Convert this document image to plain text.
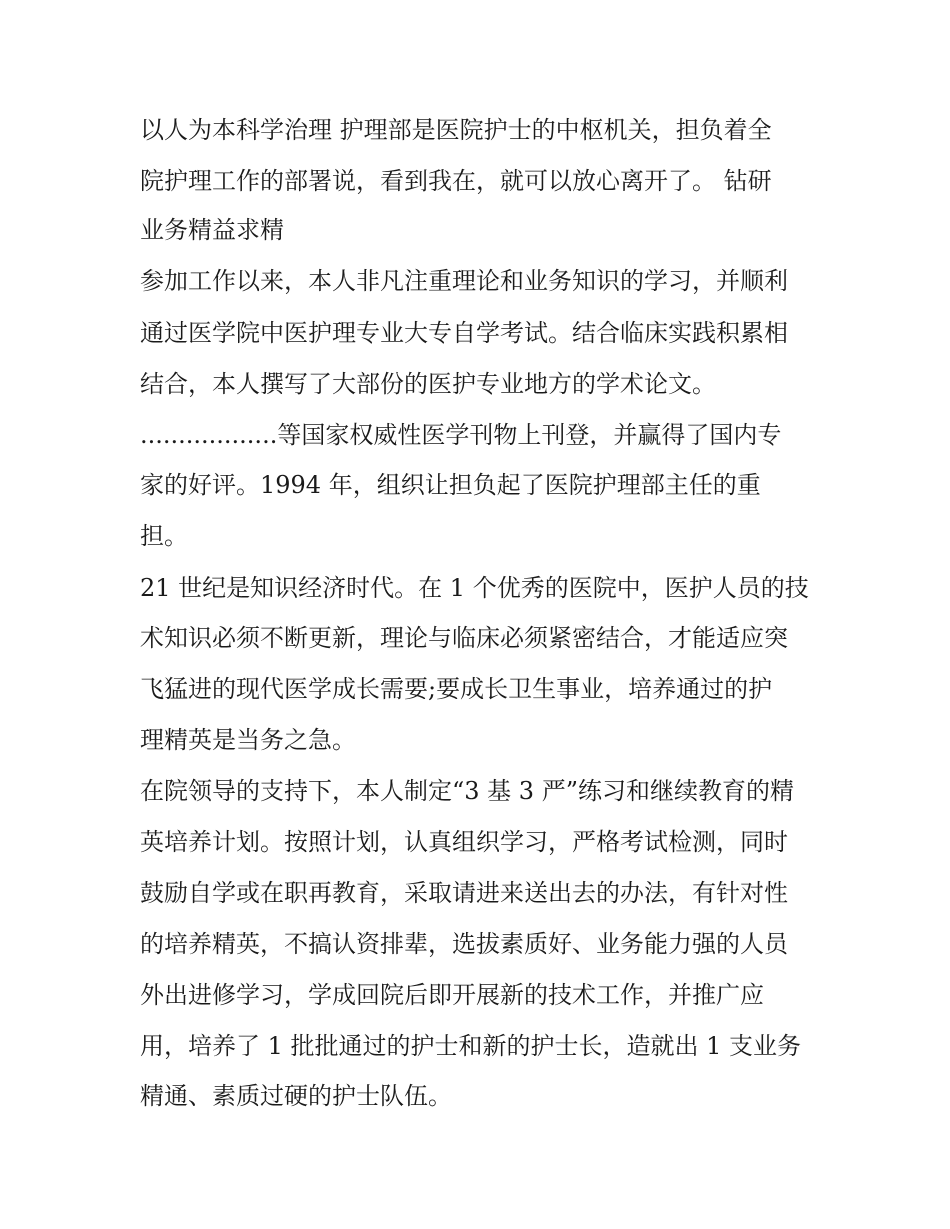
以人为本科学治理 护理部是医院护士的中枢机关，担负着全

院护理工作的部署说，看到我在，就可以放心离开了。 钻研

业务精益求精

参加工作以来，本人非凡注重理论和业务知识的学习，并顺利

通过医学院中医护理专业大专自学考试。结合临床实践积累相

结合，本人撰写了大部份的医护专业地方的学术论文。

..................等国家权威性医学刊物上刊登，并赢得了国内专

家的好评。1994 年，组织让担负起了医院护理部主任的重

担。

21 世纪是知识经济时代。在 1 个优秀的医院中，医护人员的技

术知识必须不断更新，理论与临床必须紧密结合，才能适应突

飞猛进的现代医学成长需要;要成长卫生事业，培养通过的护

理精英是当务之急。

在院领导的支持下，本人制定“3 基 3 严”练习和继续教育的精

英培养计划。按照计划，认真组织学习，严格考试检测，同时

鼓励自学或在职再教育，采取请进来送出去的办法，有针对性

的培养精英，不搞认资排辈，选拔素质好、业务能力强的人员

外出进修学习，学成回院后即开展新的技术工作，并推广应

用，培养了 1 批批通过的护士和新的护士长，造就出 1 支业务

精通、素质过硬的护士队伍。
